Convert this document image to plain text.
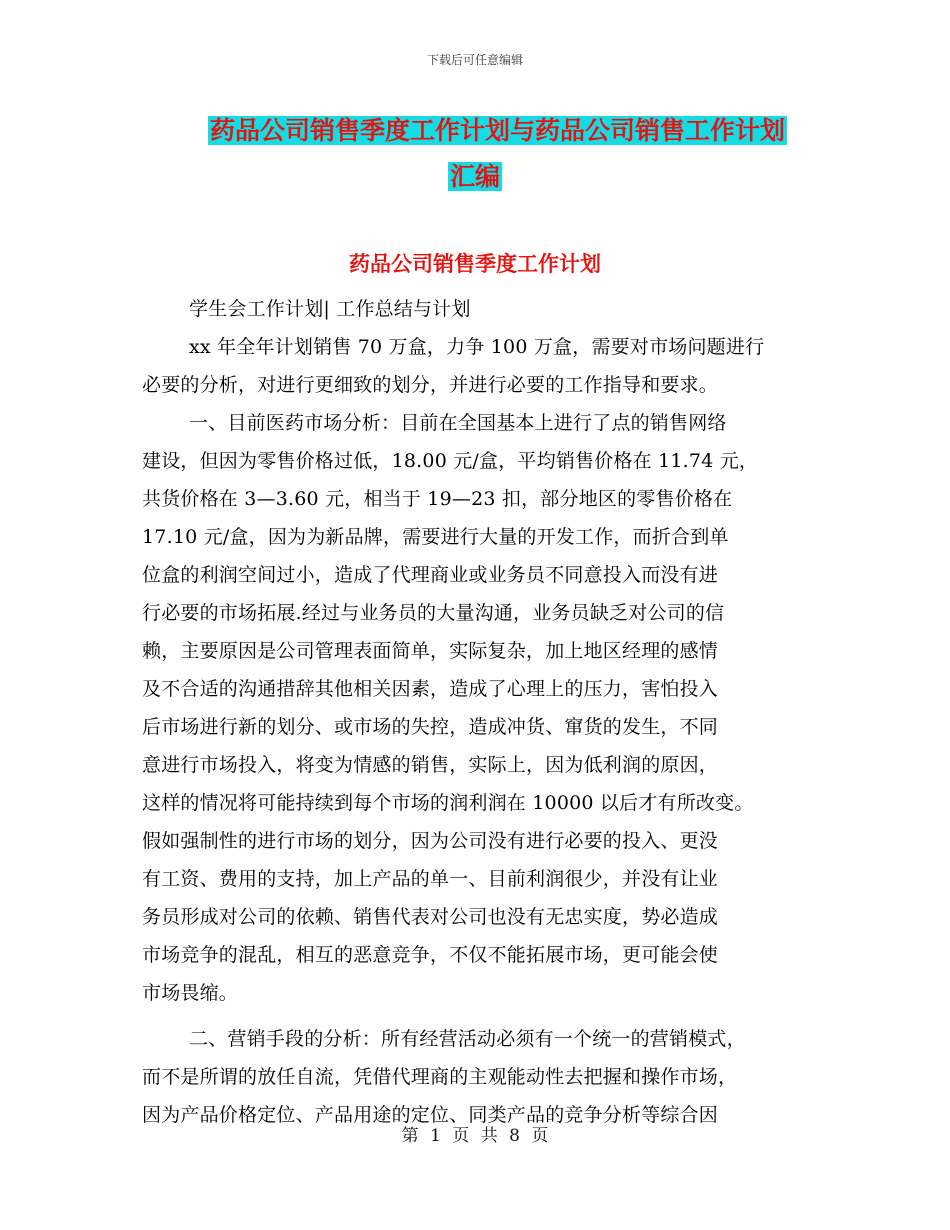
下载后可任意编辑
药品公司销售季度工作计划与药品公司销售工作计划
汇编
药品公司销售季度工作计划

学生会工作计划| 工作总结与计划

xx 年全年计划销售 70 万盒，力争 100 万盒，需要对市场问题进行
必要的分析，对进行更细致的划分，并进行必要的工作指导和要求。

一、目前医药市场分析：目前在全国基本上进行了点的销售网络
建设，但因为零售价格过低，18.00 元/盒，平均销售价格在 11.74 元，
共货价格在 3—3.60 元，相当于 19—23 扣，部分地区的零售价格在
17.10 元/盒，因为为新品牌，需要进行大量的开发工作，而折合到单
位盒的利润空间过小，造成了代理商业或业务员不同意投入而没有进
行必要的市场拓展.经过与业务员的大量沟通，业务员缺乏对公司的信
赖，主要原因是公司管理表面简单，实际复杂，加上地区经理的感情
及不合适的沟通措辞其他相关因素，造成了心理上的压力，害怕投入
后市场进行新的划分、或市场的失控，造成冲货、窜货的发生，不同
意进行市场投入，将变为情感的销售，实际上，因为低利润的原因，
这样的情况将可能持续到每个市场的润利润在 10000 以后才有所改变。
假如强制性的进行市场的划分，因为公司没有进行必要的投入、更没
有工资、费用的支持，加上产品的单一、目前利润很少，并没有让业
务员形成对公司的依赖、销售代表对公司也没有无忠实度，势必造成
市场竞争的混乱，相互的恶意竞争，不仅不能拓展市场，更可能会使
市场畏缩。

二、营销手段的分析：所有经营活动必须有一个统一的营销模式，
而不是所谓的放任自流，凭借代理商的主观能动性去把握和操作市场，
因为产品价格定位、产品用途的定位、同类产品的竞争分析等综合因

第 1 页 共 8 页
